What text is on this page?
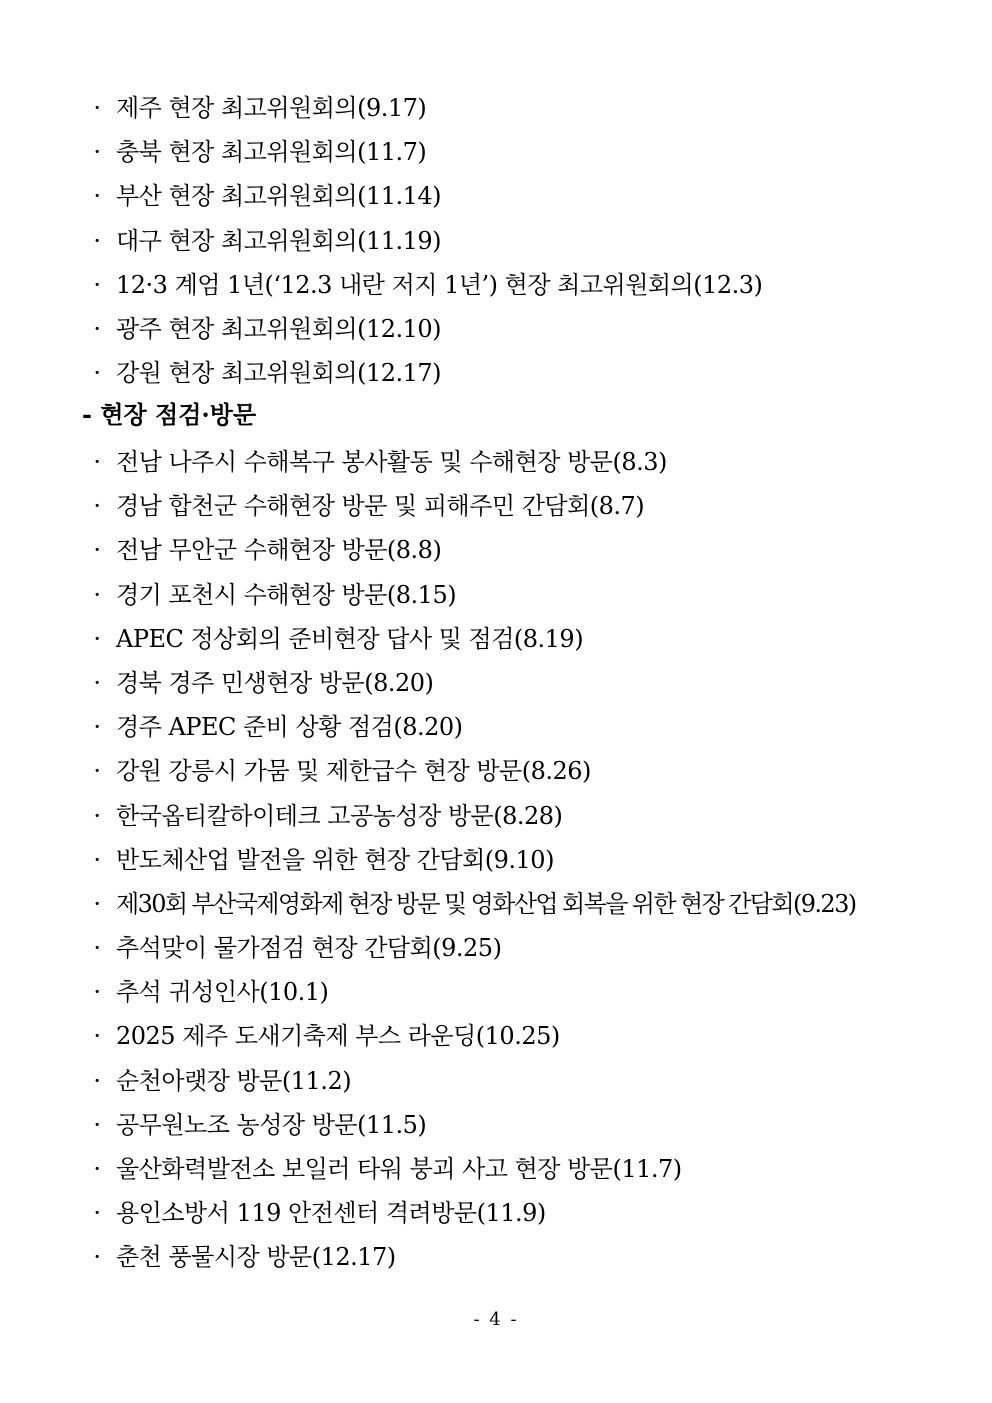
· 제주 현장 최고위원회의(9.17)
· 충북 현장 최고위원회의(11.7)
· 부산 현장 최고위원회의(11.14)
· 대구 현장 최고위원회의(11.19)
· 12·3 계엄 1년(‘12.3 내란 저지 1년’) 현장 최고위원회의(12.3)
· 광주 현장 최고위원회의(12.10)
· 강원 현장 최고위원회의(12.17)
- 현장 점검·방문
· 전남 나주시 수해복구 봉사활동 및 수해현장 방문(8.3)
· 경남 합천군 수해현장 방문 및 피해주민 간담회(8.7)
· 전남 무안군 수해현장 방문(8.8)
· 경기 포천시 수해현장 방문(8.15)
· APEC 정상회의 준비현장 답사 및 점검(8.19)
· 경북 경주 민생현장 방문(8.20)
· 경주 APEC 준비 상황 점검(8.20)
· 강원 강릉시 가뭄 및 제한급수 현장 방문(8.26)
· 한국옵티칼하이테크 고공농성장 방문(8.28)
· 반도체산업 발전을 위한 현장 간담회(9.10)
· 제30회 부산국제영화제 현장 방문 및 영화산업 회복을 위한 현장 간담회(9.23)
· 추석맞이 물가점검 현장 간담회(9.25)
· 추석 귀성인사(10.1)
· 2025 제주 도새기축제 부스 라운딩(10.25)
· 순천아랫장 방문(11.2)
· 공무원노조 농성장 방문(11.5)
· 울산화력발전소 보일러 타워 붕괴 사고 현장 방문(11.7)
· 용인소방서 119 안전센터 격려방문(11.9)
· 춘천 풍물시장 방문(12.17)
- 4 -
